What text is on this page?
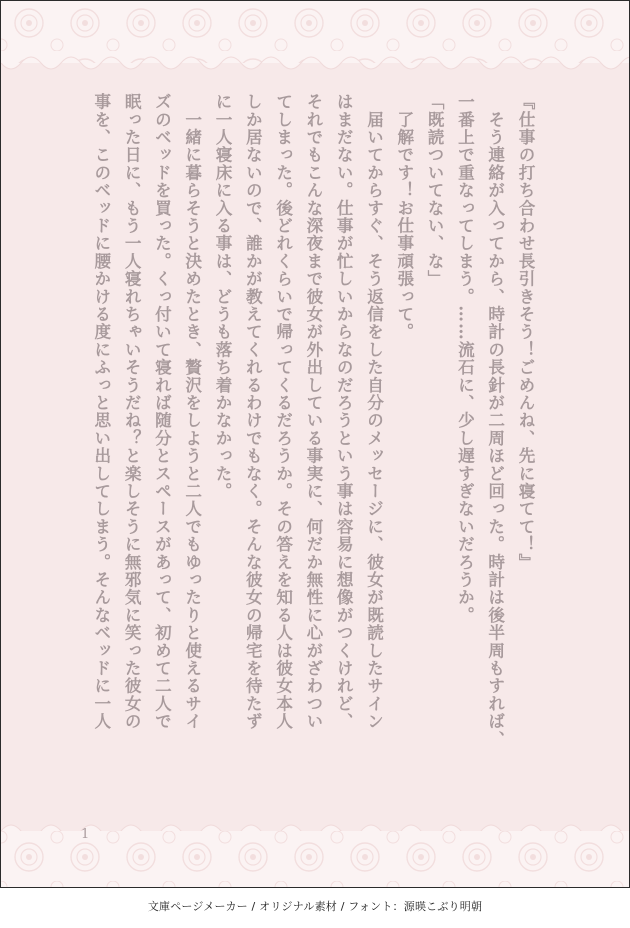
『仕事の打ち合わせ長引きそう！ごめんね、先に寝てて！』
　そう連絡が入ってから、時計の長針が二周ほど回った。時計は後半周もすれば、
一番上で重なってしまう。……流石に、少し遅すぎないだろうか。
「既読ついてない、な」
　了解です！お仕事頑張って。
　届いてからすぐ、そう返信をした自分のメッセージに、彼女が既読したサイン
はまだない。仕事が忙しいからなのだろうという事は容易に想像がつくけれど、
それでもこんな深夜まで彼女が外出している事実に、何だか無性に心がざわつい
てしまった。後どれくらいで帰ってくるだろうか。その答えを知る人は彼女本人
しか居ないので、誰かが教えてくれるわけでもなく。そんな彼女の帰宅を待たず
に一人寝床に入る事は、どうも落ち着かなかった。
　一緒に暮らそうと決めたとき、贅沢をしようと二人でもゆったりと使えるサイ
ズのベッドを買った。くっ付いて寝れば随分とスペースがあって、初めて二人で
眠った日に、もう一人寝れちゃいそうだね？と楽しそうに無邪気に笑った彼女の
事を、このベッドに腰かける度にふっと思い出してしまう。そんなベッドに一人
1
文庫ページメーカー / オリジナル素材 / フォント：源暎こぶり明朝
